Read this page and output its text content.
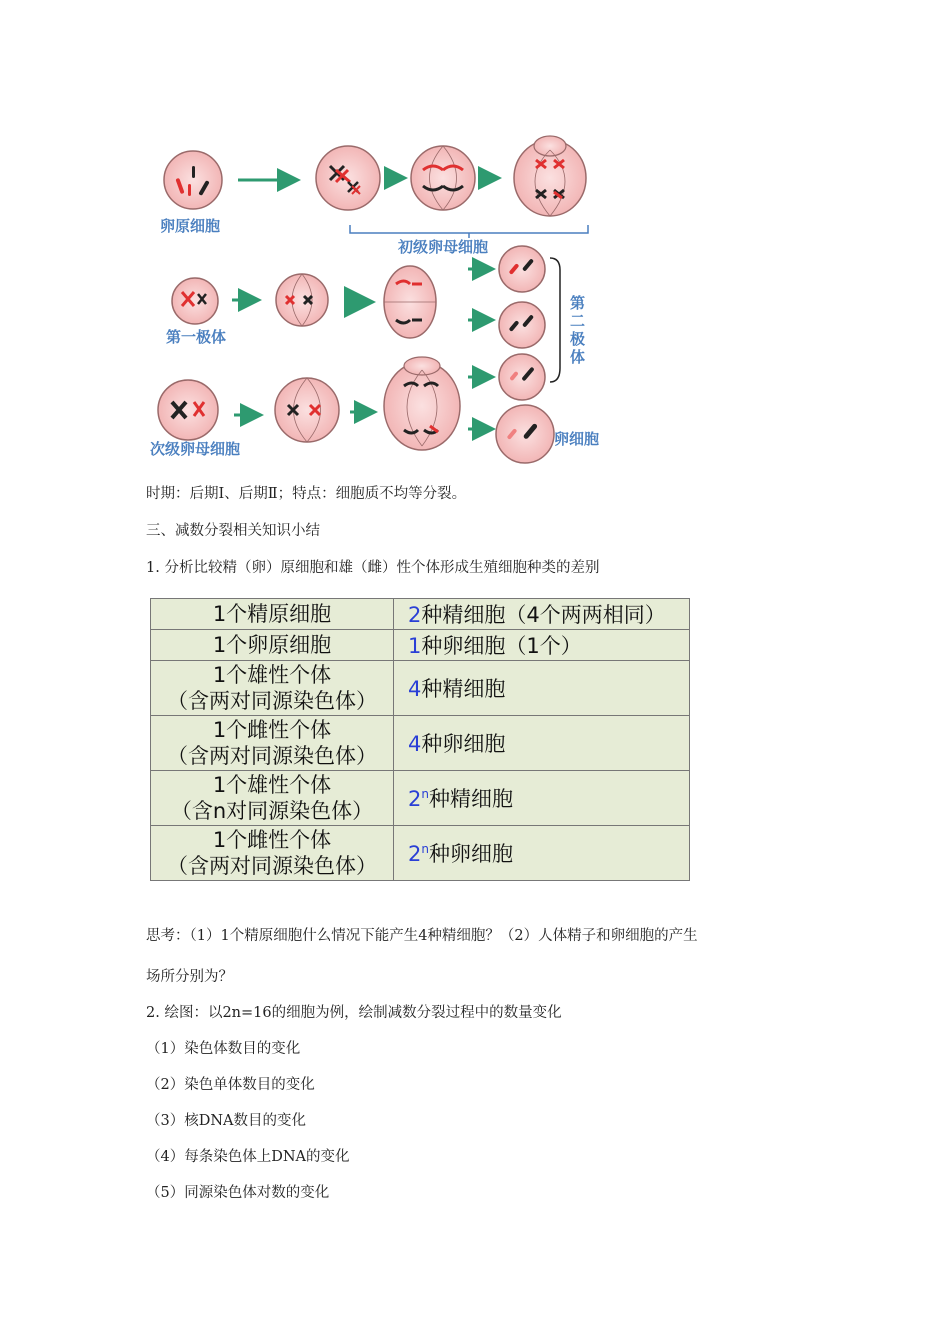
卵原细胞
初级卵母细胞
第一极体
第二极体
次级卵母细胞
卵细胞
时期：后期Ⅰ、后期Ⅱ；特点：细胞质不均等分裂。
三、减数分裂相关知识小结
1. 分析比较精（卵）原细胞和雄（雌）性个体形成生殖细胞种类的差别
1个精原细胞	2种精细胞（4个两两相同）

1个卵原细胞	1种卵细胞（1个）

1个雄性个体
（含两对同源染色体）	4种精细胞

1个雌性个体
（含两对同源染色体）	4种卵细胞

1个雄性个体
（含n对同源染色体）	2$^n$种精细胞

1个雌性个体
（含两对同源染色体）	2$^n$种卵细胞
思考：（1）1个精原细胞什么情况下能产生4种精细胞？（2）人体精子和卵细胞的产生
场所分别为？
2. 绘图：以2n=16的细胞为例，绘制减数分裂过程中的数量变化
（1）染色体数目的变化
（2）染色单体数目的变化
（3）核DNA数目的变化
（4）每条染色体上DNA的变化
（5）同源染色体对数的变化
